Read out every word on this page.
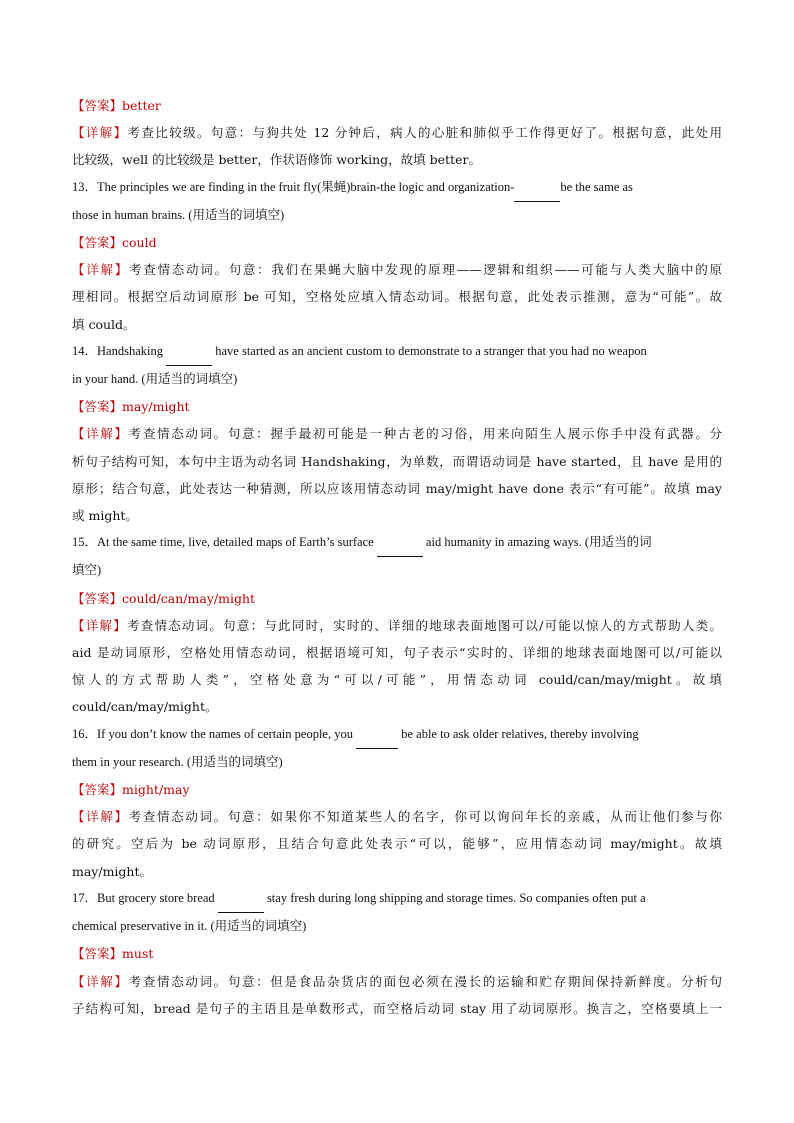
【答案】better
【详解】考查比较级。句意：与狗共处 12 分钟后，病人的心脏和肺似乎工作得更好了。根据句意，此处用
比较级，well 的比较级是 better，作状语修饰 working，故填 better。
13．The principles we are finding in the fruit fly(果蝇)brain-the logic and organization-	be the same as
those in human brains. (用适当的词填空)
【答案】could
【详解】考查情态动词。句意：我们在果蝇大脑中发现的原理——逻辑和组织——可能与人类大脑中的原
理相同。根据空后动词原形 be 可知，空格处应填入情态动词。根据句意，此处表示推测，意为“可能”。故
填 could。
14．Handshaking	have started as an ancient custom to demonstrate to a stranger that you had no weapon
in your hand. (用适当的词填空)
【答案】may/might
【详解】考查情态动词。句意：握手最初可能是一种古老的习俗，用来向陌生人展示你手中没有武器。分
析句子结构可知，本句中主语为动名词 Handshaking，为单数，而谓语动词是 have started，且 have 是用的
原形；结合句意，此处表达一种猜测，所以应该用情态动词 may/might have done 表示“有可能”。故填 may
或 might。
15．At the same time, live, detailed maps of Earth’s surface	aid humanity in amazing ways. (用适当的词
填空)
【答案】could/can/may/might
【详解】考查情态动词。句意：与此同时，实时的、详细的地球表面地图可以/可能以惊人的方式帮助人类。
aid 是动词原形，空格处用情态动词，根据语境可知，句子表示“实时的、详细的地球表面地图可以/可能以
惊人的方式帮助人类”，空格处意为“可以/可能”，用情态动词 could/can/may/might。故填
could/can/may/might。
16．If you don’t know the names of certain people, you	be able to ask older relatives, thereby involving
them in your research. (用适当的词填空)
【答案】might/may
【详解】考查情态动词。句意：如果你不知道某些人的名字，你可以询问年长的亲戚，从而让他们参与你
的研究。空后为 be 动词原形，且结合句意此处表示“可以，能够”，应用情态动词 may/might。故填
may/might。
17．But grocery store bread	stay fresh during long shipping and storage times. So companies often put a
chemical preservative in it. (用适当的词填空)
【答案】must
【详解】考查情态动词。句意：但是食品杂货店的面包必须在漫长的运输和贮存期间保持新鲜度。分析句
子结构可知，bread 是句子的主语且是单数形式，而空格后动词 stay 用了动词原形。换言之，空格要填上一
